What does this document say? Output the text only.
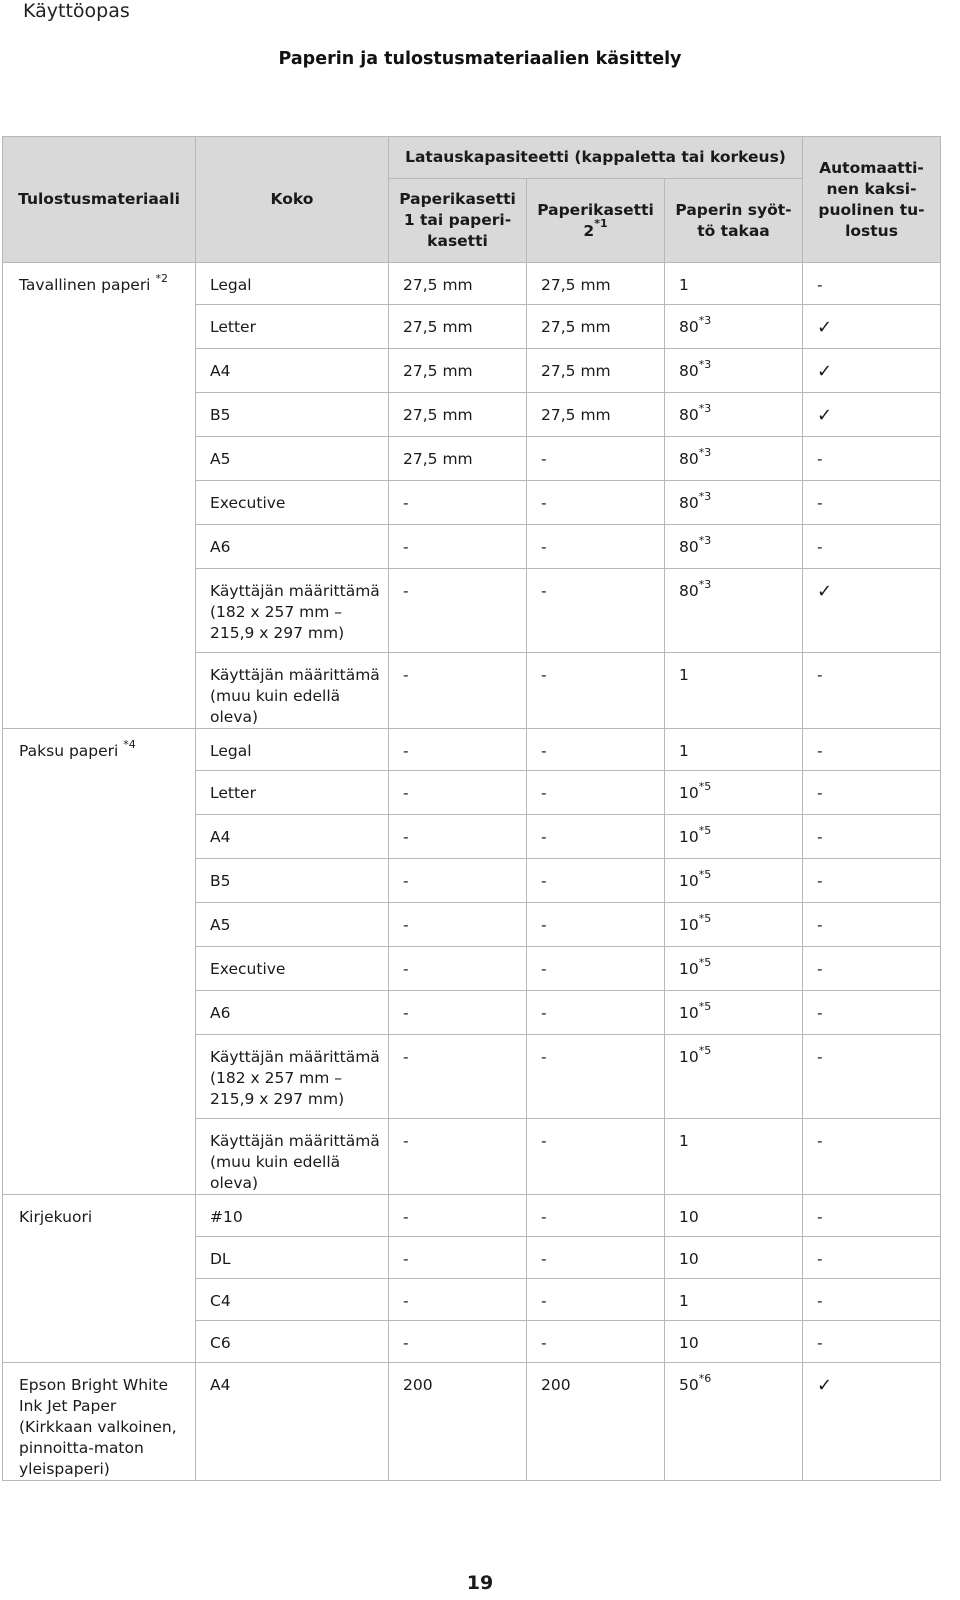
Käyttöopas
Paperin ja tulostusmateriaalien käsittely
Tulostusmateriaali	Koko	Latauskapasiteetti (kappaletta tai korkeus)			Automaatti-nen kaksi-puolinen tu-lostus
		Paperikasetti 1 tai paperi-kasetti	Paperikasetti 2$^{*1}$	Paperin syöt-tö takaa	
Tavallinen paperi $^{*2}$	Legal	27,5 mm	27,5 mm	1	-
	Letter	27,5 mm	27,5 mm	80$^{*3}$	✓
	A4	27,5 mm	27,5 mm	80$^{*3}$	✓
	B5	27,5 mm	27,5 mm	80$^{*3}$	✓
	A5	27,5 mm	-	80$^{*3}$	-
	Executive	-	-	80$^{*3}$	-
	A6	-	-	80$^{*3}$	-
	Käyttäjän määrittämä (182 x 257 mm – 215,9 x 297 mm)	-	-	80$^{*3}$	✓
	Käyttäjän määrittämä (muu kuin edellä oleva)	-	-	1	-
Paksu paperi $^{*4}$	Legal	-	-	1	-
	Letter	-	-	10$^{*5}$	-
	A4	-	-	10$^{*5}$	-
	B5	-	-	10$^{*5}$	-
	A5	-	-	10$^{*5}$	-
	Executive	-	-	10$^{*5}$	-
	A6	-	-	10$^{*5}$	-
	Käyttäjän määrittämä (182 x 257 mm – 215,9 x 297 mm)	-	-	10$^{*5}$	-
	Käyttäjän määrittämä (muu kuin edellä oleva)	-	-	1	-
Kirjekuori	#10	-	-	10	-
	DL	-	-	10	-
	C4	-	-	1	-
	C6	-	-	10	-
Epson Bright White Ink Jet Paper (Kirkkaan valkoinen, pinnoitta-maton yleispaperi)	A4	200	200	50$^{*6}$	✓
19
